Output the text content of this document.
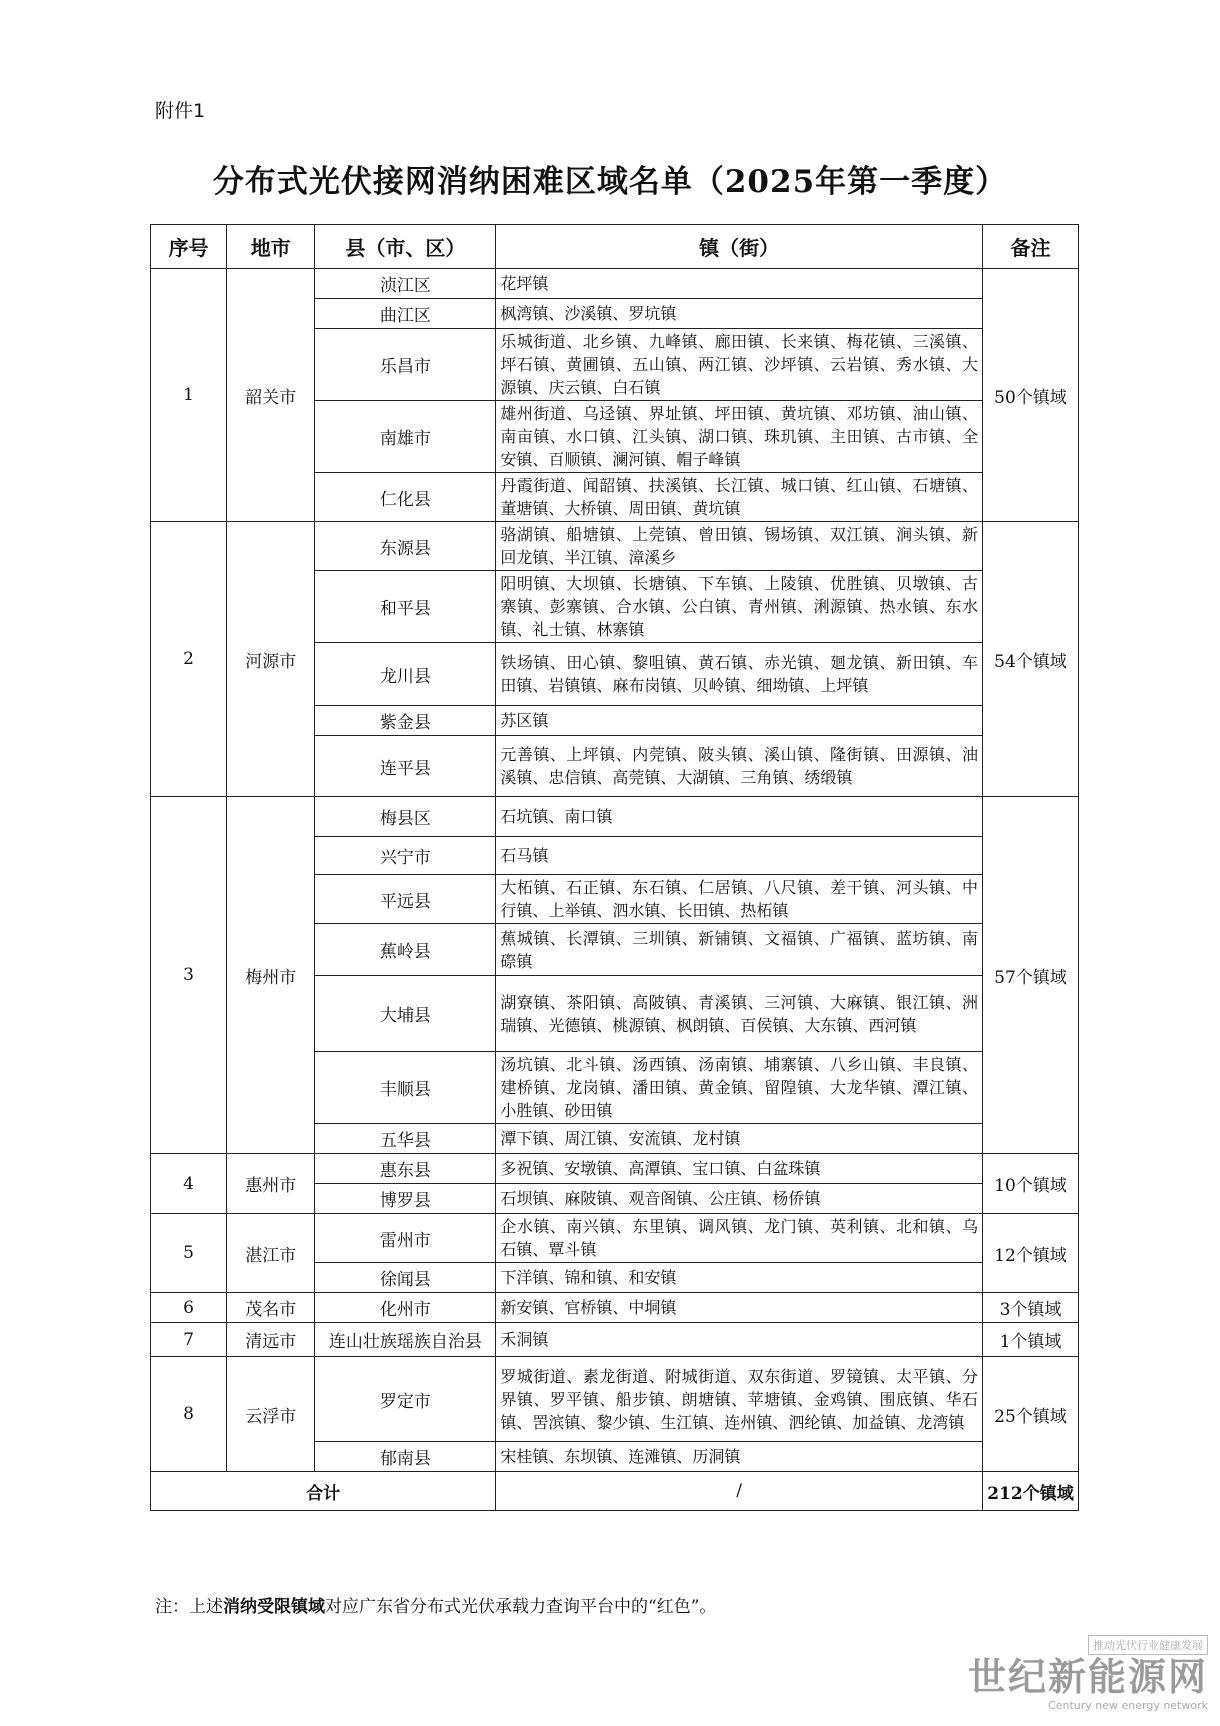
附件1
分布式光伏接网消纳困难区域名单（2025年第一季度）
序号	地市	县（市、区）	镇（街）	备注
1	韶关市	浈江区	花坪镇	50个镇域
		曲江区	枫湾镇、沙溪镇、罗坑镇	
		乐昌市	乐城街道、北乡镇、九峰镇、廊田镇、长来镇、梅花镇、三溪镇、坪石镇、黄圃镇、五山镇、两江镇、沙坪镇、云岩镇、秀水镇、大源镇、庆云镇、白石镇	
		南雄市	雄州街道、乌迳镇、界址镇、坪田镇、黄坑镇、邓坊镇、油山镇、南亩镇、水口镇、江头镇、湖口镇、珠玑镇、主田镇、古市镇、全安镇、百顺镇、澜河镇、帽子峰镇	
		仁化县	丹霞街道、闻韶镇、扶溪镇、长江镇、城口镇、红山镇、石塘镇、董塘镇、大桥镇、周田镇、黄坑镇	
2	河源市	东源县	骆湖镇、船塘镇、上莞镇、曾田镇、锡场镇、双江镇、涧头镇、新回龙镇、半江镇、漳溪乡	54个镇域
		和平县	阳明镇、大坝镇、长塘镇、下车镇、上陵镇、优胜镇、贝墩镇、古寨镇、彭寨镇、合水镇、公白镇、青州镇、浰源镇、热水镇、东水镇、礼士镇、林寨镇	
		龙川县	铁场镇、田心镇、黎咀镇、黄石镇、赤光镇、廻龙镇、新田镇、车田镇、岩镇镇、麻布岗镇、贝岭镇、细坳镇、上坪镇	
		紫金县	苏区镇	
		连平县	元善镇、上坪镇、内莞镇、陂头镇、溪山镇、隆街镇、田源镇、油溪镇、忠信镇、高莞镇、大湖镇、三角镇、绣缎镇	
3	梅州市	梅县区	石坑镇、南口镇	57个镇域
		兴宁市	石马镇	
		平远县	大柘镇、石正镇、东石镇、仁居镇、八尺镇、差干镇、河头镇、中行镇、上举镇、泗水镇、长田镇、热柘镇	
		蕉岭县	蕉城镇、长潭镇、三圳镇、新铺镇、文福镇、广福镇、蓝坊镇、南磜镇	
		大埔县	湖寮镇、茶阳镇、高陂镇、青溪镇、三河镇、大麻镇、银江镇、洲瑞镇、光德镇、桃源镇、枫朗镇、百侯镇、大东镇、西河镇	
		丰顺县	汤坑镇、北斗镇、汤西镇、汤南镇、埔寨镇、八乡山镇、丰良镇、建桥镇、龙岗镇、潘田镇、黄金镇、留隍镇、大龙华镇、潭江镇、小胜镇、砂田镇	
		五华县	潭下镇、周江镇、安流镇、龙村镇	
4	惠州市	惠东县	多祝镇、安墩镇、高潭镇、宝口镇、白盆珠镇	10个镇域
		博罗县	石坝镇、麻陂镇、观音阁镇、公庄镇、杨侨镇	
5	湛江市	雷州市	企水镇、南兴镇、东里镇、调风镇、龙门镇、英利镇、北和镇、乌石镇、覃斗镇	12个镇域
		徐闻县	下洋镇、锦和镇、和安镇	
6	茂名市	化州市	新安镇、官桥镇、中垌镇	3个镇域
7	清远市	连山壮族瑶族自治县	禾洞镇	1个镇域
8	云浮市	罗定市	罗城街道、素龙街道、附城街道、双东街道、罗镜镇、太平镇、分界镇、罗平镇、船步镇、朗塘镇、苹塘镇、金鸡镇、围底镇、华石镇、罟滨镇、黎少镇、生江镇、连州镇、泗纶镇、加益镇、龙湾镇	25个镇域
		郁南县	宋桂镇、东坝镇、连滩镇、历洞镇	
合计			/	212个镇域
注：上述消纳受限镇域对应广东省分布式光伏承载力查询平台中的“红色”。
推动光伏行业健康发展
世纪新能源网
Century new energy network
